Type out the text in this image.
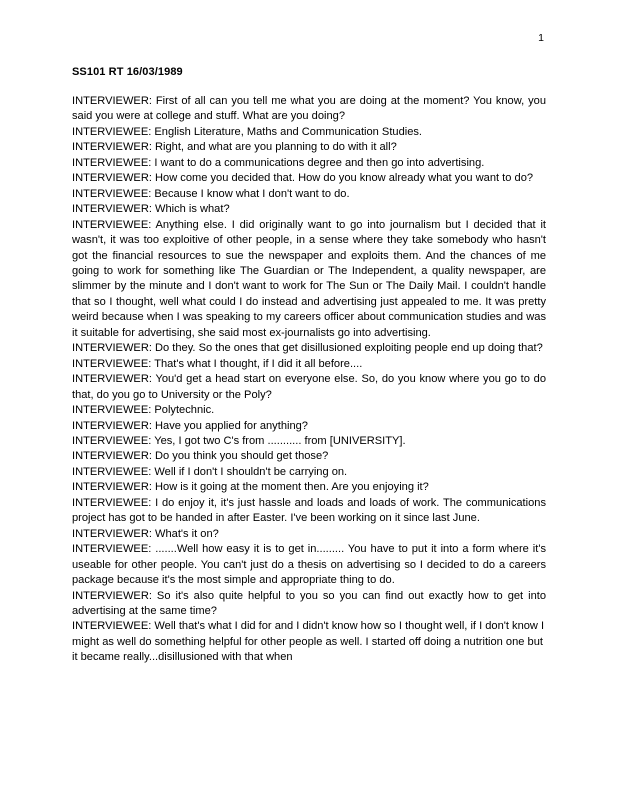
1
SS101 RT 16/03/1989

INTERVIEWER: First of all can you tell me what you are doing at the moment? You know, you said you were at college and stuff. What are you doing?

INTERVIEWEE: English Literature, Maths and Communication Studies.

INTERVIEWER: Right, and what are you planning to do with it all?

INTERVIEWEE: I want to do a communications degree and then go into advertising.

INTERVIEWER: How come you decided that. How do you know already what you want to do?

INTERVIEWEE: Because I know what I don't want to do.

INTERVIEWER: Which is what?

INTERVIEWEE: Anything else. I did originally want to go into journalism but I decided that it wasn't, it was too exploitive of other people, in a sense where they take somebody who hasn't got the financial resources to sue the newspaper and exploits them. And the chances of me going to work for something like The Guardian or The Independent, a quality newspaper, are slimmer by the minute and I don't want to work for The Sun or The Daily Mail. I couldn't handle that so I thought, well what could I do instead and advertising just appealed to me. It was pretty weird because when I was speaking to my careers officer about communication studies and was it suitable for advertising, she said most ex-journalists go into advertising.

INTERVIEWER: Do they. So the ones that get disillusioned exploiting people end up doing that?

INTERVIEWEE: That's what I thought, if I did it all before....

INTERVIEWER: You'd get a head start on everyone else. So, do you know where you go to do that, do you go to University or the Poly?

INTERVIEWEE: Polytechnic.

INTERVIEWER: Have you applied for anything?

INTERVIEWEE: Yes, I got two C's from ........... from [UNIVERSITY].

INTERVIEWER: Do you think you should get those?

INTERVIEWEE: Well if I don't I shouldn't be carrying on.

INTERVIEWER: How is it going at the moment then. Are you enjoying it?

INTERVIEWEE: I do enjoy it, it's just hassle and loads and loads of work. The communications project has got to be handed in after Easter. I've been working on it since last June.

INTERVIEWER: What's it on?

INTERVIEWEE: .......Well how easy it is to get in......... You have to put it into a form where it's useable for other people. You can't just do a thesis on advertising so I decided to do a careers package because it's the most simple and appropriate thing to do.

INTERVIEWER: So it's also quite helpful to you so you can find out exactly how to get into advertising at the same time?

INTERVIEWEE: Well that's what I did for and I didn't know how so I thought well, if I don't know I might as well do something helpful for other people as well. I started off doing a nutrition one but it became really...disillusioned with that when
